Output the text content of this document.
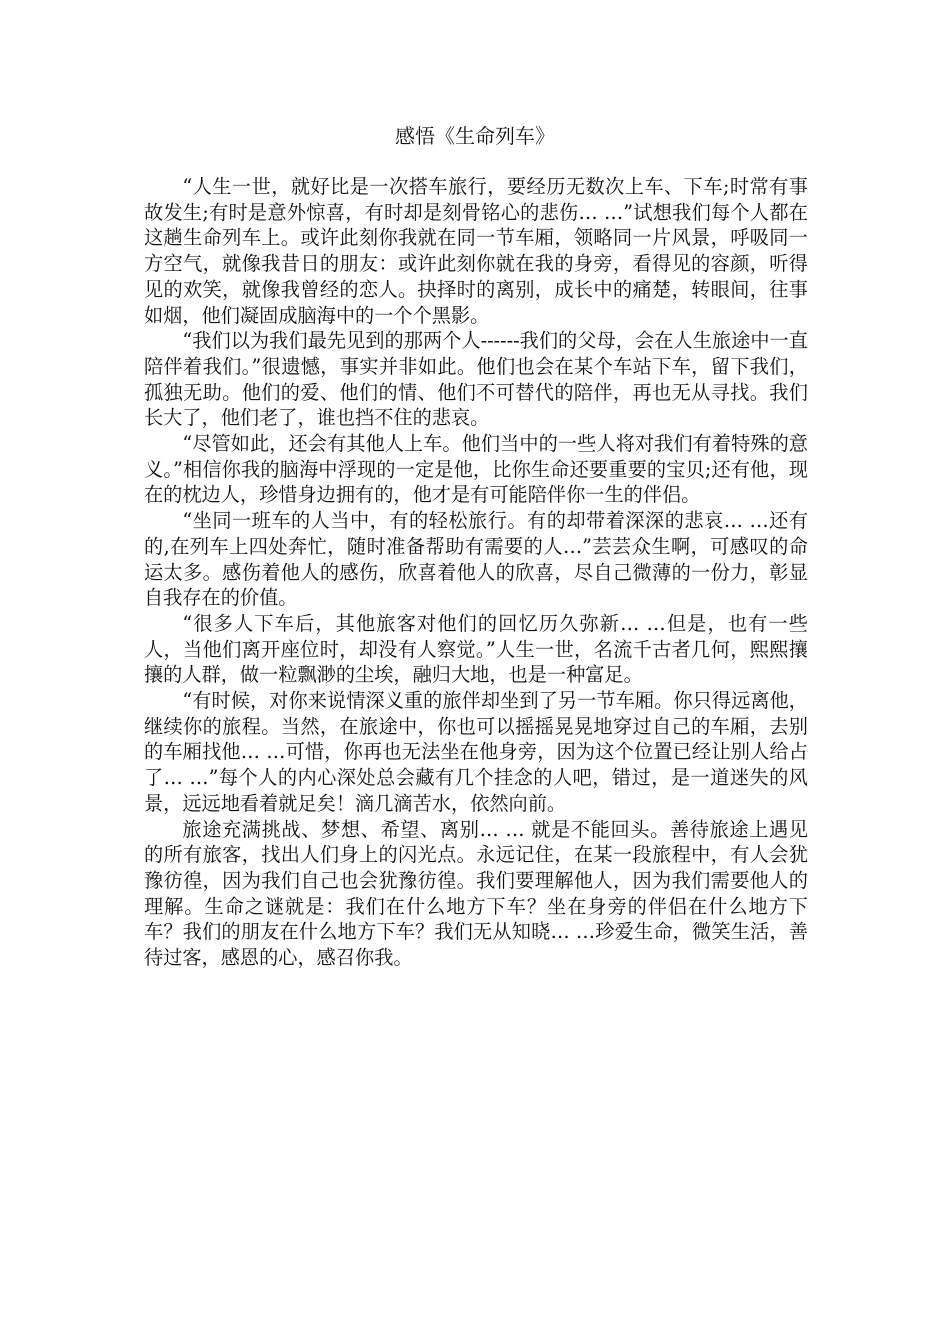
感悟《生命列车》

“人生一世，就好比是一次搭车旅行，要经历无数次上车、下车;时常有事故发生;有时是意外惊喜，有时却是刻骨铭心的悲伤… …”试想我们每个人都在这趟生命列车上。或许此刻你我就在同一节车厢，领略同一片风景，呼吸同一方空气，就像我昔日的朋友：或许此刻你就在我的身旁，看得见的容颜，听得见的欢笑，就像我曾经的恋人。抉择时的离别，成长中的痛楚，转眼间，往事如烟，他们凝固成脑海中的一个个黑影。

“我们以为我们最先见到的那两个人------我们的父母，会在人生旅途中一直陪伴着我们。”很遗憾，事实并非如此。他们也会在某个车站下车，留下我们，孤独无助。他们的爱、他们的情、他们不可替代的陪伴，再也无从寻找。我们长大了，他们老了，谁也挡不住的悲哀。

“尽管如此，还会有其他人上车。他们当中的一些人将对我们有着特殊的意义。”相信你我的脑海中浮现的一定是他，比你生命还要重要的宝贝;还有他，现在的枕边人，珍惜身边拥有的，他才是有可能陪伴你一生的伴侣。

“坐同一班车的人当中，有的轻松旅行。有的却带着深深的悲哀… …还有的,在列车上四处奔忙，随时准备帮助有需要的人…”芸芸众生啊，可感叹的命运太多。感伤着他人的感伤，欣喜着他人的欣喜，尽自己微薄的一份力，彰显自我存在的价值。

“很多人下车后，其他旅客对他们的回忆历久弥新… …但是，也有一些人，当他们离开座位时，却没有人察觉。”人生一世，名流千古者几何，熙熙攘攘的人群，做一粒飘渺的尘埃，融归大地，也是一种富足。

“有时候，对你来说情深义重的旅伴却坐到了另一节车厢。你只得远离他，继续你的旅程。当然，在旅途中，你也可以摇摇晃晃地穿过自己的车厢，去别的车厢找他… …可惜，你再也无法坐在他身旁，因为这个位置已经让别人给占了… …”每个人的内心深处总会藏有几个挂念的人吧，错过，是一道迷失的风景，远远地看着就足矣！滴几滴苦水，依然向前。

旅途充满挑战、梦想、希望、离别… … 就是不能回头。善待旅途上遇见的所有旅客，找出人们身上的闪光点。永远记住，在某一段旅程中，有人会犹豫彷徨，因为我们自己也会犹豫彷徨。我们要理解他人，因为我们需要他人的理解。生命之谜就是：我们在什么地方下车？坐在身旁的伴侣在什么地方下车？我们的朋友在什么地方下车？我们无从知晓… …珍爱生命，微笑生活，善待过客，感恩的心，感召你我。
